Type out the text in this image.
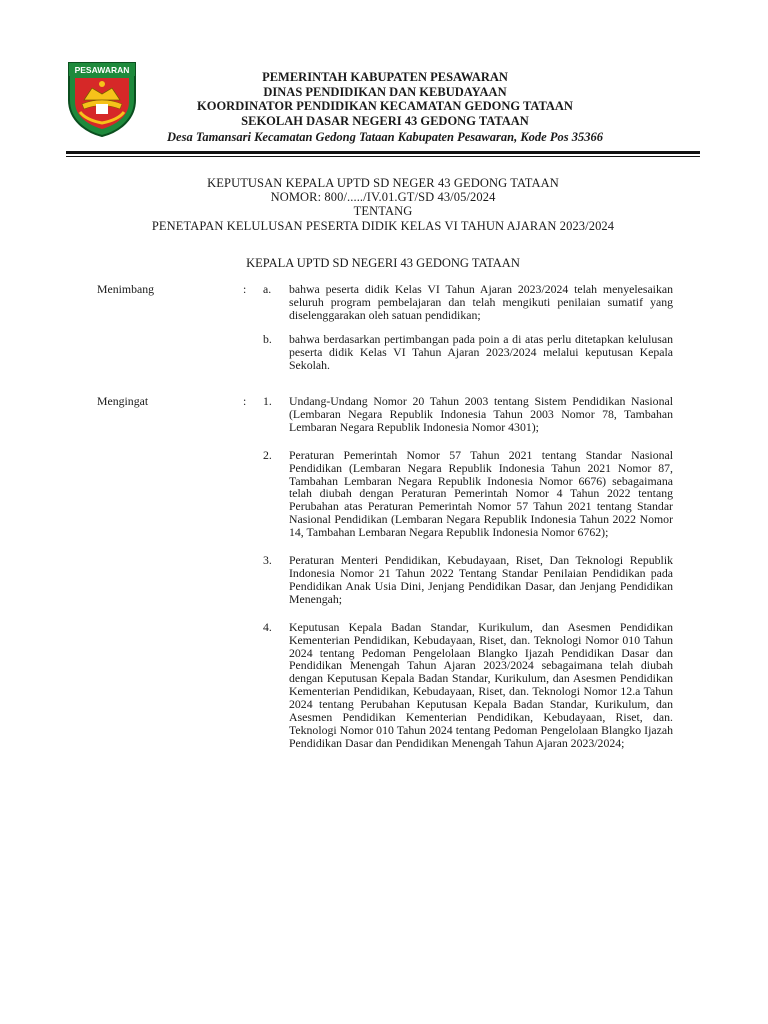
PESAWARAN	PEMERINTAH KABUPATEN PESAWARAN
DINAS PENDIDIKAN DAN KEBUDAYAAN
KOORDINATOR PENDIDIKAN KECAMATAN GEDONG TATAAN
SEKOLAH DASAR NEGERI 43 GEDONG TATAAN
Desa Tamansari Kecamatan Gedong Tataan Kabupaten Pesawaran, Kode Pos 35366
KEPUTUSAN KEPALA UPTD SD NEGER 43 GEDONG TATAAN
NOMOR: 800/...../IV.01.GT/SD 43/05/2024
TENTANG
PENETAPAN KELULUSAN PESERTA DIDIK KELAS VI TAHUN AJARAN 2023/2024
KEPALA UPTD SD NEGERI 43 GEDONG TATAAN
Menimbang	: a. bahwa peserta didik Kelas VI Tahun Ajaran 2023/2024 telah menyelesaikan seluruh program pembelajaran dan telah mengikuti penilaian sumatif yang diselenggarakan oleh satuan pendidikan;
b. bahwa berdasarkan pertimbangan pada poin a di atas perlu ditetapkan kelulusan peserta didik Kelas VI Tahun Ajaran 2023/2024 melalui keputusan Kepala Sekolah.
Mengingat	: 1. Undang-Undang Nomor 20 Tahun 2003 tentang Sistem Pendidikan Nasional (Lembaran Negara Republik Indonesia Tahun 2003 Nomor 78, Tambahan Lembaran Negara Republik Indonesia Nomor 4301);
2. Peraturan Pemerintah Nomor 57 Tahun 2021 tentang Standar Nasional Pendidikan (Lembaran Negara Republik Indonesia Tahun 2021 Nomor 87, Tambahan Lembaran Negara Republik Indonesia Nomor 6676) sebagaimana telah diubah dengan Peraturan Pemerintah Nomor 4 Tahun 2022 tentang Perubahan atas Peraturan Pemerintah Nomor 57 Tahun 2021 tentang Standar Nasional Pendidikan (Lembaran Negara Republik Indonesia Tahun 2022 Nomor 14, Tambahan Lembaran Negara Republik Indonesia Nomor 6762);
3. Peraturan Menteri Pendidikan, Kebudayaan, Riset, Dan Teknologi Republik Indonesia Nomor 21 Tahun 2022 Tentang Standar Penilaian Pendidikan pada Pendidikan Anak Usia Dini, Jenjang Pendidikan Dasar, dan Jenjang Pendidikan Menengah;
4. Keputusan Kepala Badan Standar, Kurikulum, dan Asesmen Pendidikan Kementerian Pendidikan, Kebudayaan, Riset, dan. Teknologi Nomor 010 Tahun 2024 tentang Pedoman Pengelolaan Blangko Ijazah Pendidikan Dasar dan Pendidikan Menengah Tahun Ajaran 2023/2024 sebagaimana telah diubah dengan Keputusan Kepala Badan Standar, Kurikulum, dan Asesmen Pendidikan Kementerian Pendidikan, Kebudayaan, Riset, dan. Teknologi Nomor 12.a Tahun 2024 tentang Perubahan Keputusan Kepala Badan Standar, Kurikulum, dan Asesmen Pendidikan Kementerian Pendidikan, Kebudayaan, Riset, dan. Teknologi Nomor 010 Tahun 2024 tentang Pedoman Pengelolaan Blangko Ijazah Pendidikan Dasar dan Pendidikan Menengah Tahun Ajaran 2023/2024;
